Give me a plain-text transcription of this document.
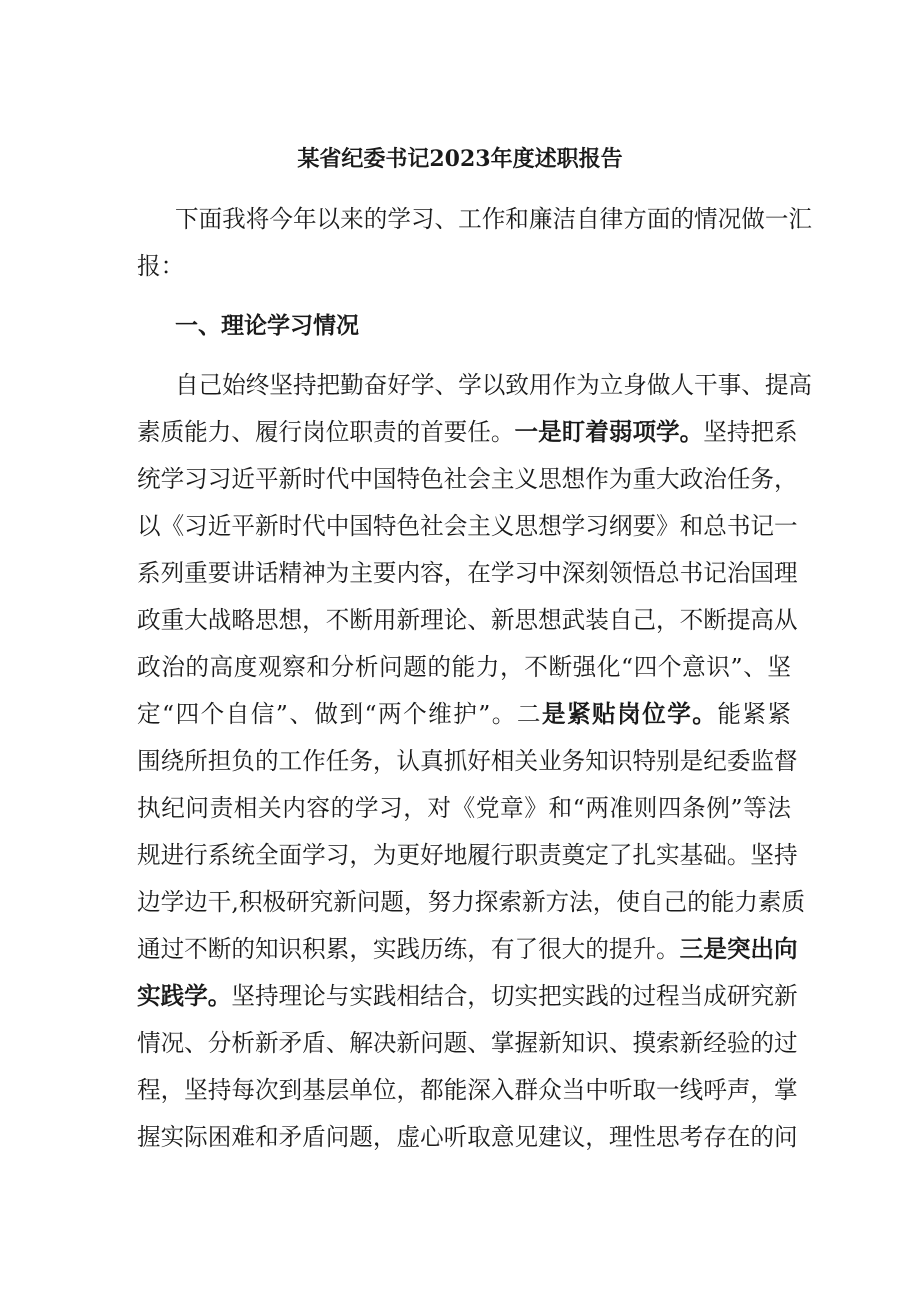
某省纪委书记2023年度述职报告
下面我将今年以来的学习、工作和廉洁自律方面的情况做一汇
报：
一、理论学习情况
自己始终坚持把勤奋好学、学以致用作为立身做人干事、提高
素质能力、履行岗位职责的首要任。一是盯着弱项学。坚持把系
统学习习近平新时代中国特色社会主义思想作为重大政治任务，
以《习近平新时代中国特色社会主义思想学习纲要》和总书记一
系列重要讲话精神为主要内容，在学习中深刻领悟总书记治国理
政重大战略思想，不断用新理论、新思想武装自己，不断提高从
政治的高度观察和分析问题的能力，不断强化“四个意识”、坚
定“四个自信”、做到“两个维护”。二是紧贴岗位学。能紧紧
围绕所担负的工作任务，认真抓好相关业务知识特别是纪委监督
执纪问责相关内容的学习，对《党章》和“两准则四条例”等法
规进行系统全面学习，为更好地履行职责奠定了扎实基础。坚持
边学边干,积极研究新问题，努力探索新方法，使自己的能力素质
通过不断的知识积累，实践历练，有了很大的提升。三是突出向
实践学。坚持理论与实践相结合，切实把实践的过程当成研究新
情况、分析新矛盾、解决新问题、掌握新知识、摸索新经验的过
程，坚持每次到基层单位，都能深入群众当中听取一线呼声，掌
握实际困难和矛盾问题，虚心听取意见建议，理性思考存在的问
